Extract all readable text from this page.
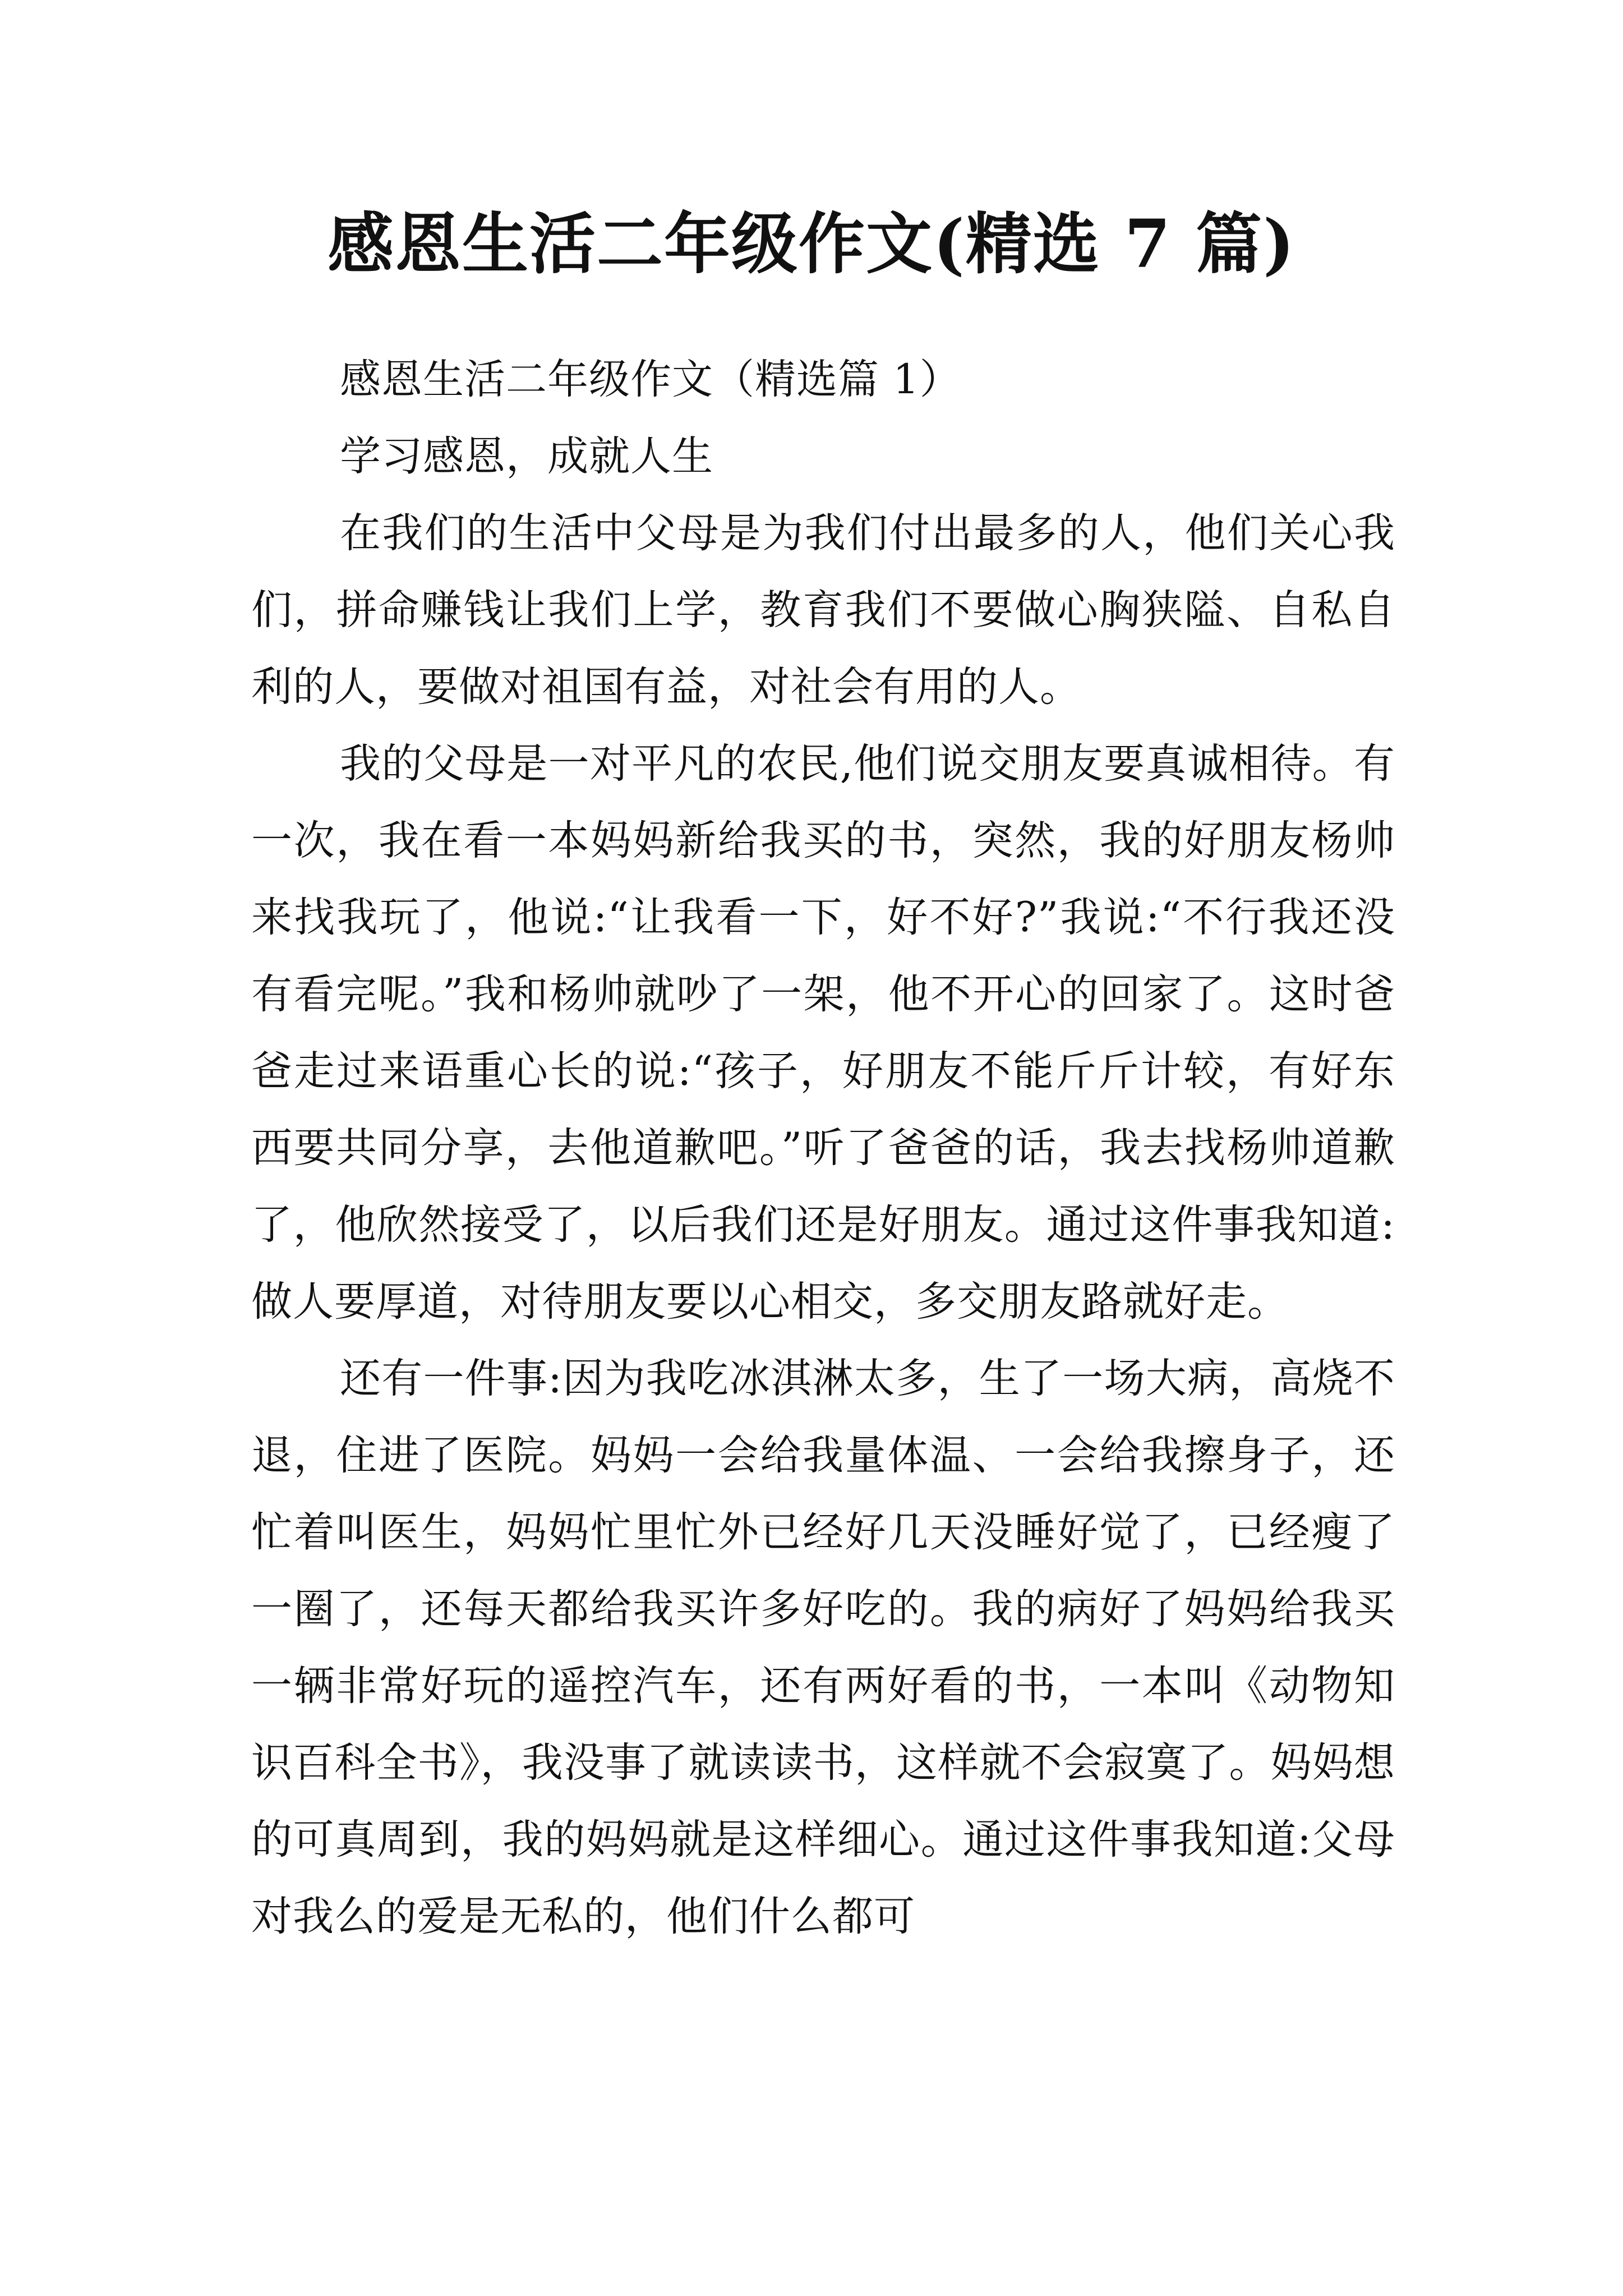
感恩生活二年级作文(精选 7 篇)

感恩生活二年级作文（精选篇 1）

学习感恩，成就人生

在我们的生活中父母是为我们付出最多的人，他们关心我们，拼命赚钱让我们上学，教育我们不要做心胸狭隘、自私自利的人，要做对祖国有益，对社会有用的人。

我的父母是一对平凡的农民,他们说交朋友要真诚相待。有一次，我在看一本妈妈新给我买的书，突然，我的好朋友杨帅来找我玩了，他说:“让我看一下，好不好?”我说:“不行我还没有看完呢。”我和杨帅就吵了一架，他不开心的回家了。这时爸爸走过来语重心长的说:“孩子，好朋友不能斤斤计较，有好东西要共同分享，去他道歉吧。”听了爸爸的话，我去找杨帅道歉了，他欣然接受了，以后我们还是好朋友。通过这件事我知道:做人要厚道，对待朋友要以心相交，多交朋友路就好走。

还有一件事:因为我吃冰淇淋太多，生了一场大病，高烧不退，住进了医院。妈妈一会给我量体温、一会给我擦身子，还忙着叫医生，妈妈忙里忙外已经好几天没睡好觉了，已经瘦了一圈了，还每天都给我买许多好吃的。我的病好了妈妈给我买一辆非常好玩的遥控汽车，还有两好看的书，一本叫《动物知识百科全书》，我没事了就读读书，这样就不会寂寞了。妈妈想的可真周到，我的妈妈就是这样细心。通过这件事我知道:父母对我么的爱是无私的，他们什么都可
